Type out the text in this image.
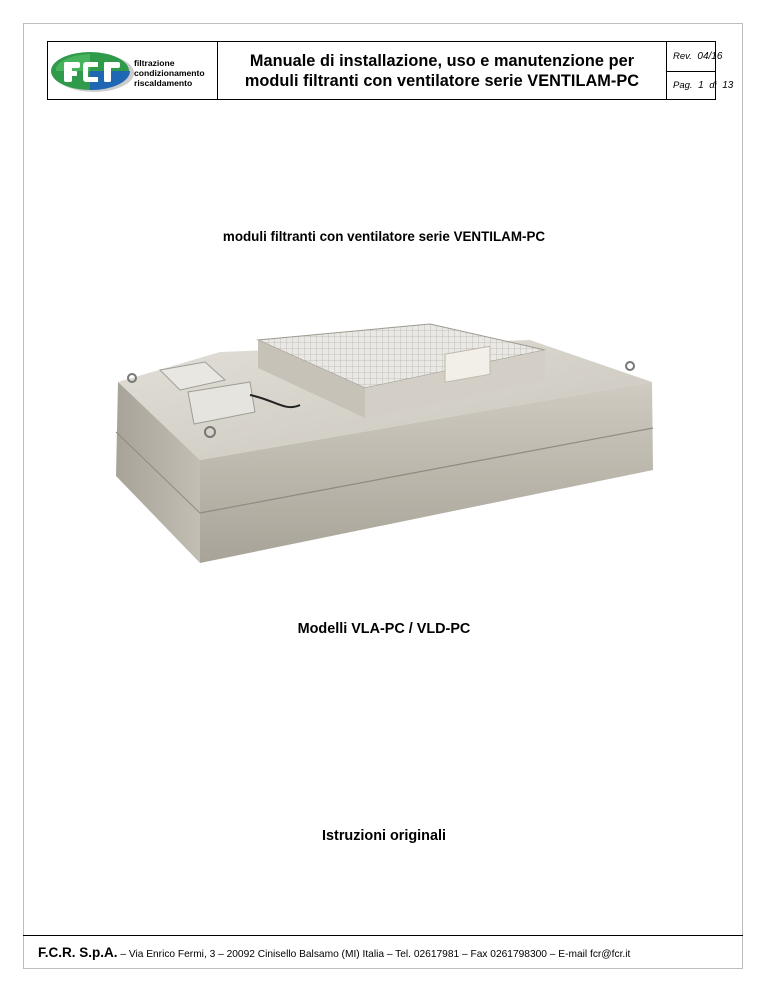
fcr
filtrazione
condizionamento
riscaldamento
Manuale di installazione, uso e manutenzione per
moduli filtranti con ventilatore serie VENTILAM-PC
Rev. 04/16
Pag. 1 di 13
moduli filtranti con ventilatore serie VENTILAM-PC
Modelli VLA-PC / VLD-PC
Istruzioni originali
F.C.R. S.p.A. – Via Enrico Fermi, 3 – 20092 Cinisello Balsamo (MI) Italia – Tel. 02617981 – Fax 0261798300 – E-mail fcr@fcr.it
